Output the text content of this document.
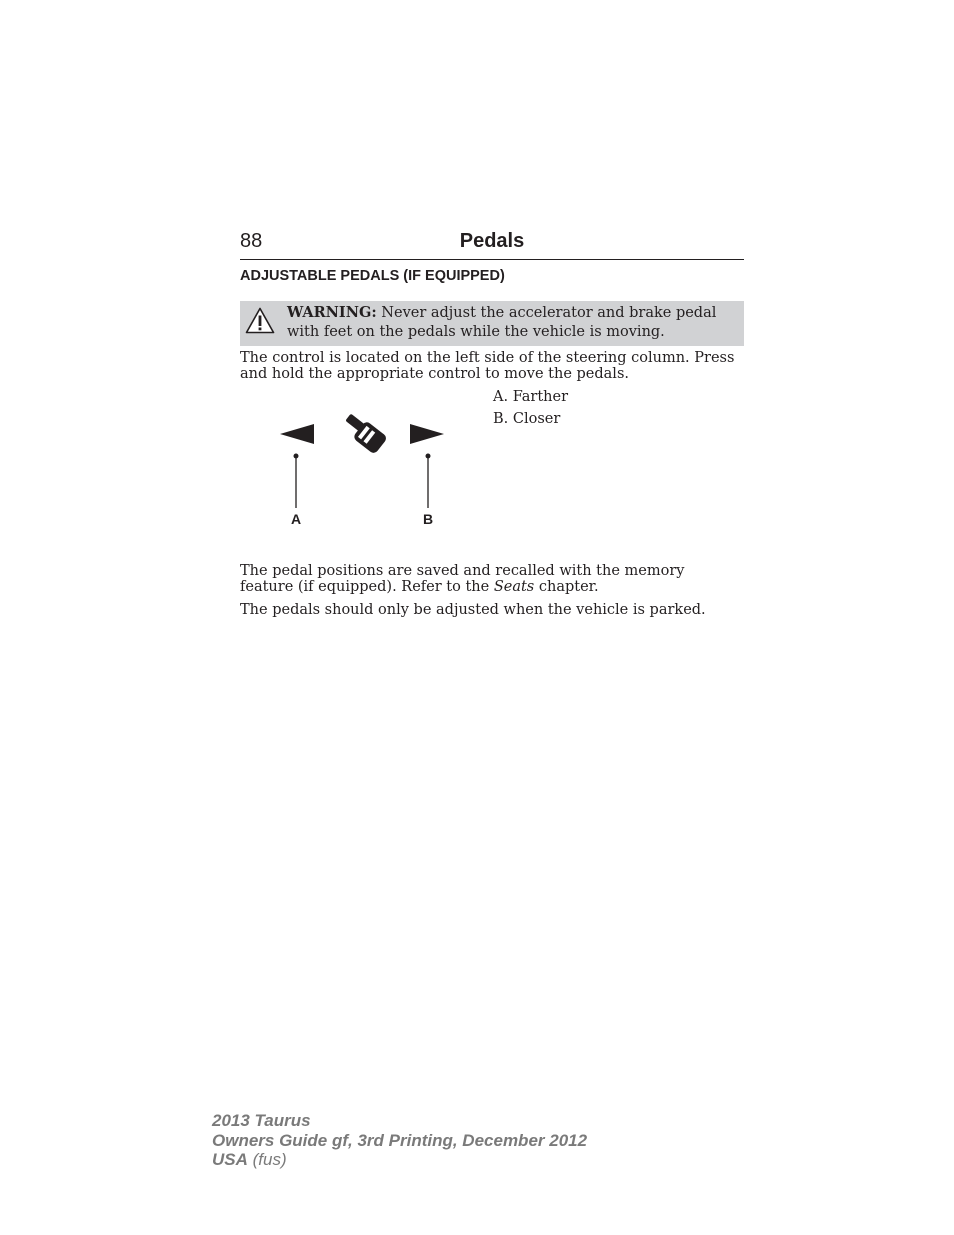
88	Pedals
ADJUSTABLE PEDALS (IF EQUIPPED)
WARNING: Never adjust the accelerator and brake pedal with feet on the pedals while the vehicle is moving.
The control is located on the left side of the steering column. Press and hold the appropriate control to move the pedals.
A. Farther
B. Closer
A	B
The pedal positions are saved and recalled with the memory feature (if equipped). Refer to the Seats chapter.
The pedals should only be adjusted when the vehicle is parked.
2013 Taurus
Owners Guide gf, 3rd Printing, December 2012
USA (fus)
